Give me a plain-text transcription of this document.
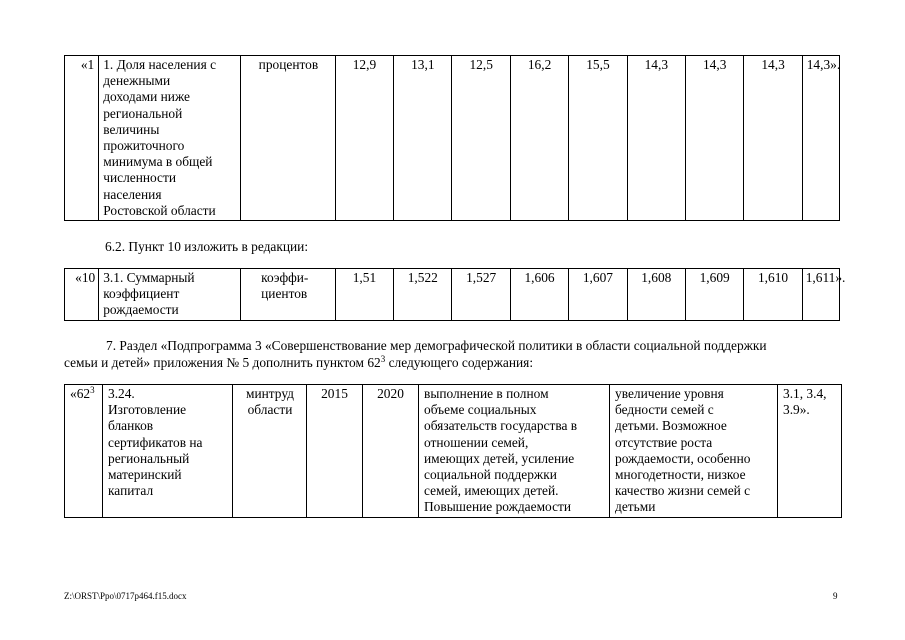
«1	1. Доля населения с
денежными
доходами ниже
региональной
величины
прожиточного
минимума в общей
численности
населения
Ростовской области	процентов	12,9	13,1	12,5	16,2	15,5	14,3	14,3	14,3	14,3».

6.2. Пункт 10 изложить в редакции:

«10	3.1. Суммарный
коэффициент
рождаемости	коэффи-
циентов	1,51	1,522	1,527	1,606	1,607	1,608	1,609	1,610	1,611».

7. Раздел «Подпрограмма 3 «Совершенствование мер демографической политики в области социальной поддержки

семьи и детей» приложения № 5 дополнить пунктом $62^3$ следующего содержания:

«$62^3$	3.24.
Изготовление
бланков
сертификатов на
региональный
материнский
капитал	минтруд
области	2015	2020	выполнение в полном
объеме социальных
обязательств государства в
отношении семей,
имеющих детей, усиление
социальной поддержки
семей, имеющих детей.
Повышение рождаемости	увеличение уровня
бедности семей с
детьми. Возможное
отсутствие роста
рождаемости, особенно
многодетности, низкое
качество жизни семей с
детьми	3.1, 3.4,
3.9».
Z:\ORST\Ppo\0717p464.f15.docx	9
